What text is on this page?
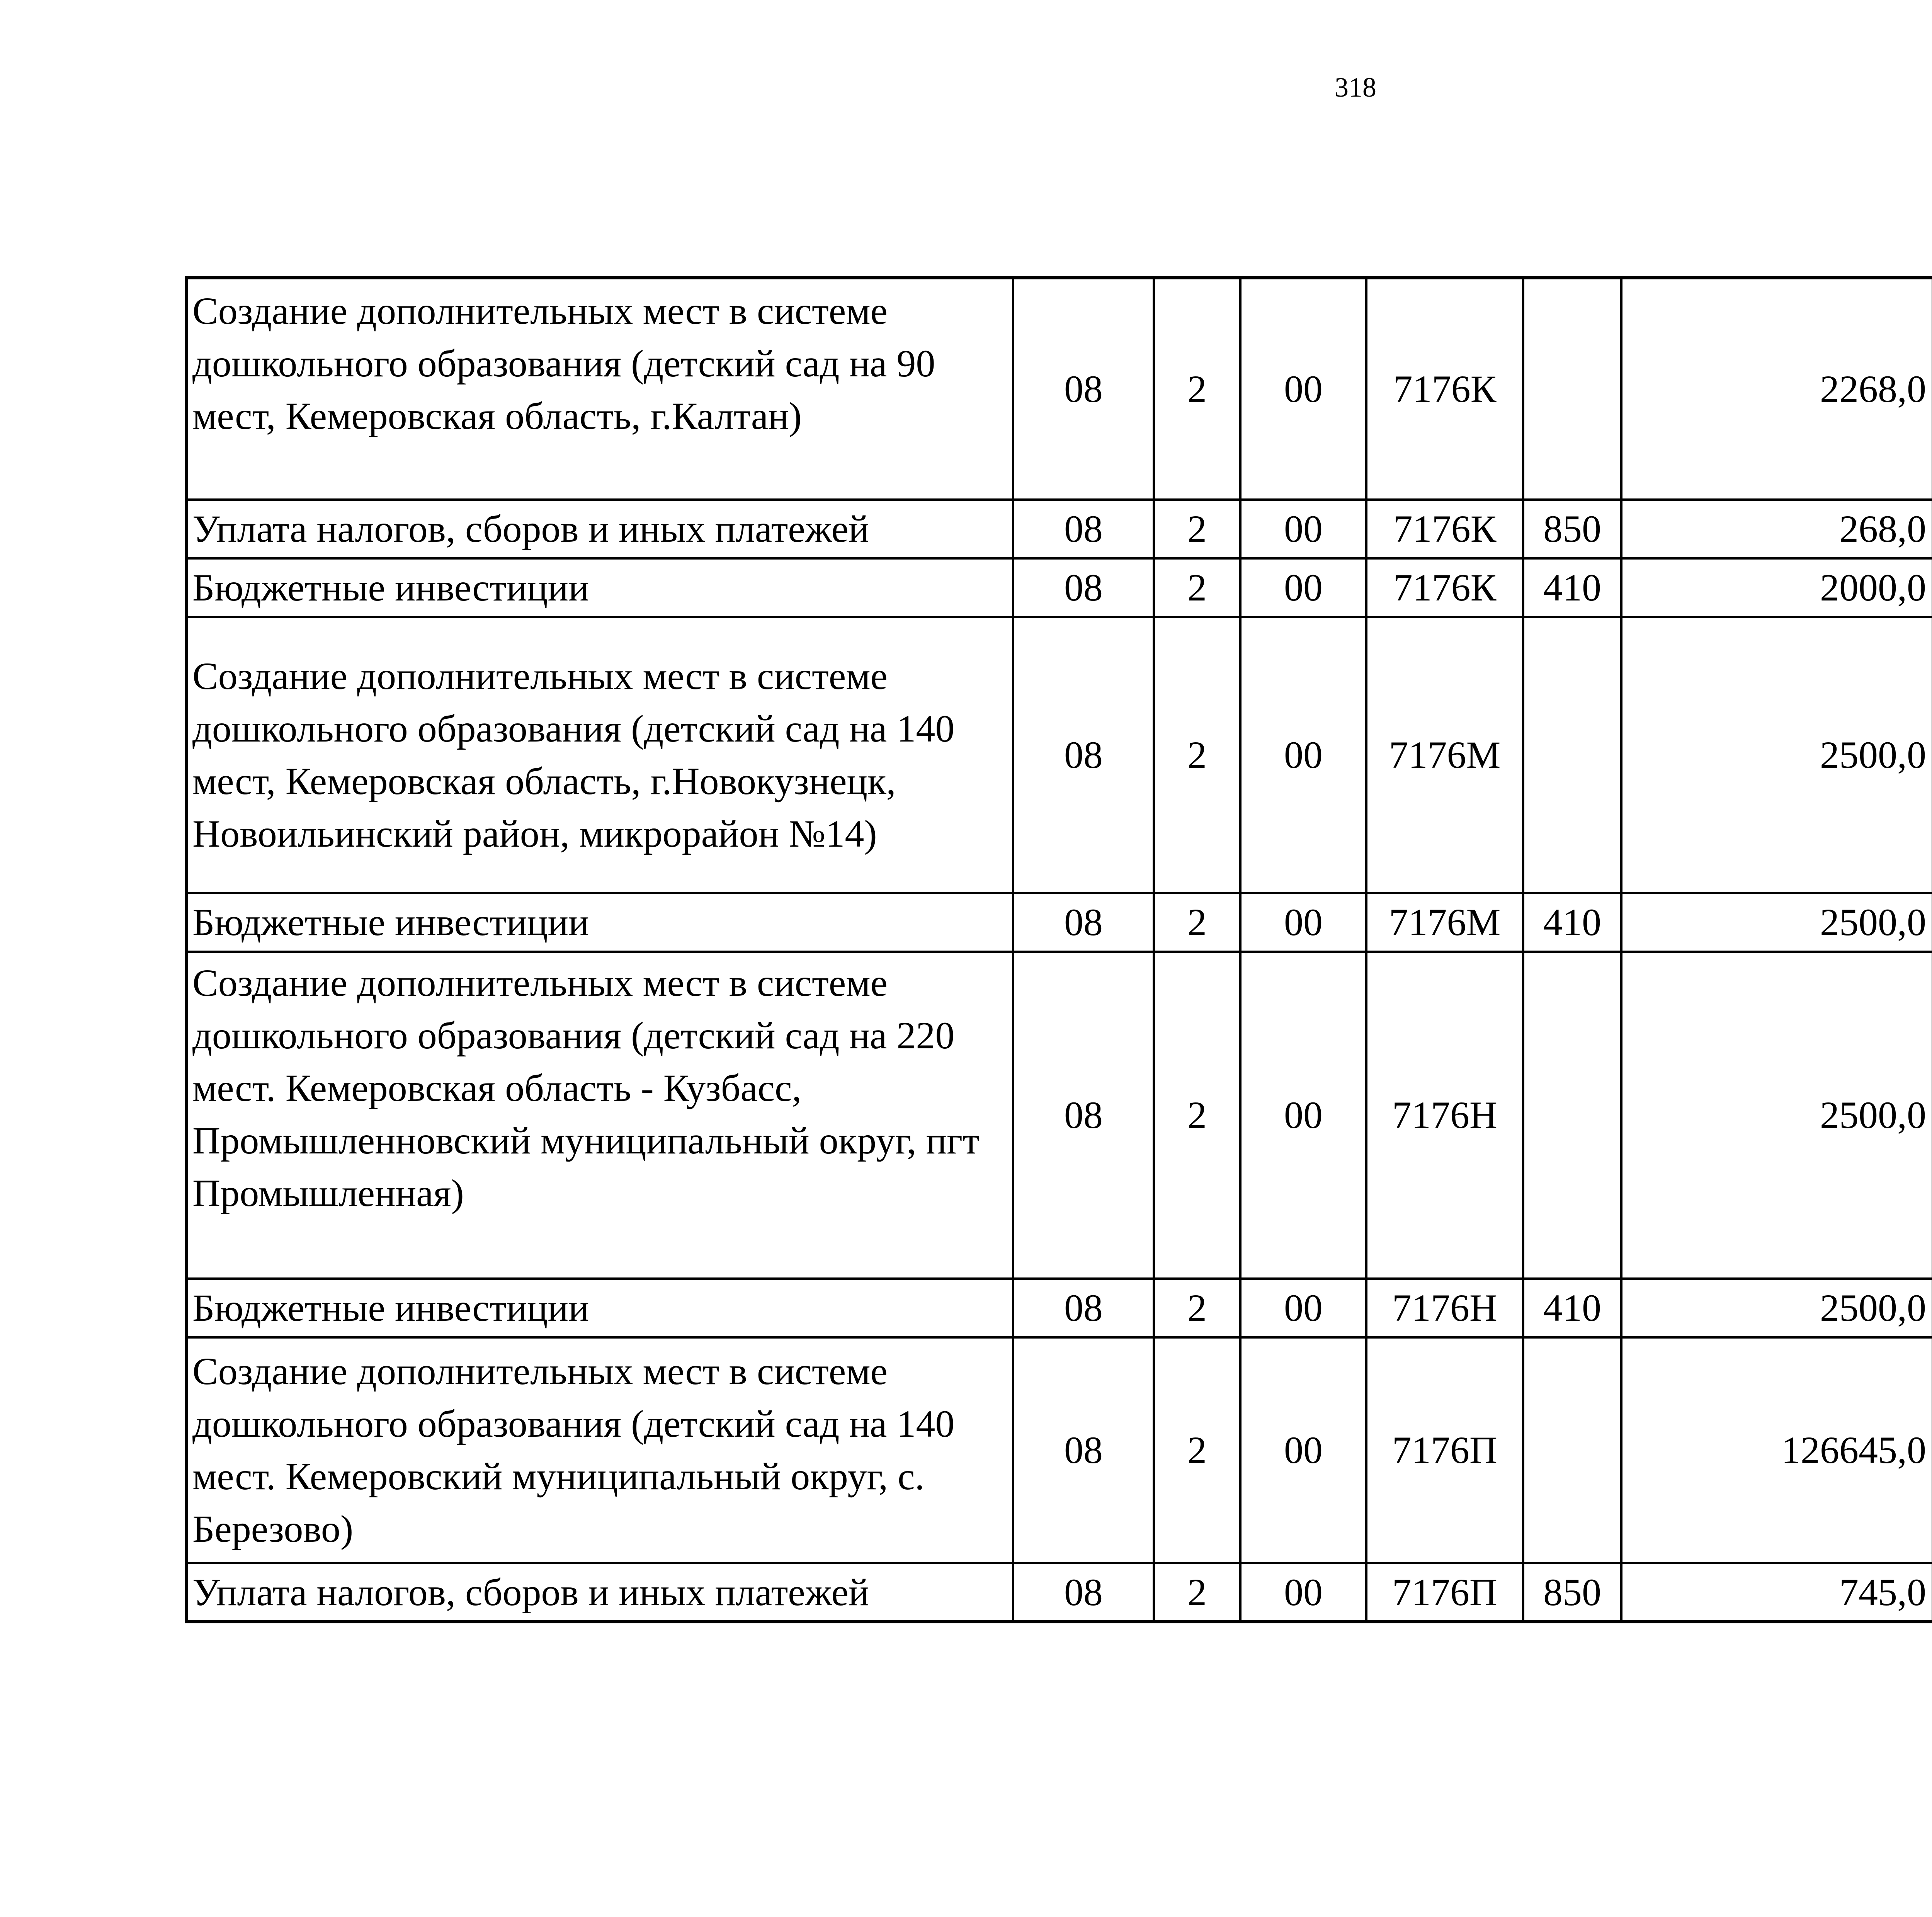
318
Создание дополнительных мест в системе дошкольного образования (детский сад на 90 мест, Кемеровская область, г.Калтан)	08	2	00	7176К		2268,0		
Уплата налогов, сборов и иных платежей	08	2	00	7176К	850	268,0		
Бюджетные инвестиции	08	2	00	7176К	410	2000,0		
Создание дополнительных мест в системе дошкольного образования (детский сад на 140 мест, Кемеровская область, г.Новокузнецк, Новоильинский район, микрорайон №14)	08	2	00	7176М		2500,0		
Бюджетные инвестиции	08	2	00	7176М	410	2500,0		
Создание дополнительных мест в системе дошкольного образования (детский сад на 220 мест. Кемеровская область - Кузбасс, Промышленновский муниципальный округ, пгт Промышленная)	08	2	00	7176Н		2500,0		
Бюджетные инвестиции	08	2	00	7176Н	410	2500,0		
Создание дополнительных мест в системе дошкольного образования (детский сад на 140 мест. Кемеровский муниципальный округ, с. Березово)	08	2	00	7176П		126645,0		
Уплата налогов, сборов и иных платежей	08	2	00	7176П	850	745,0		
